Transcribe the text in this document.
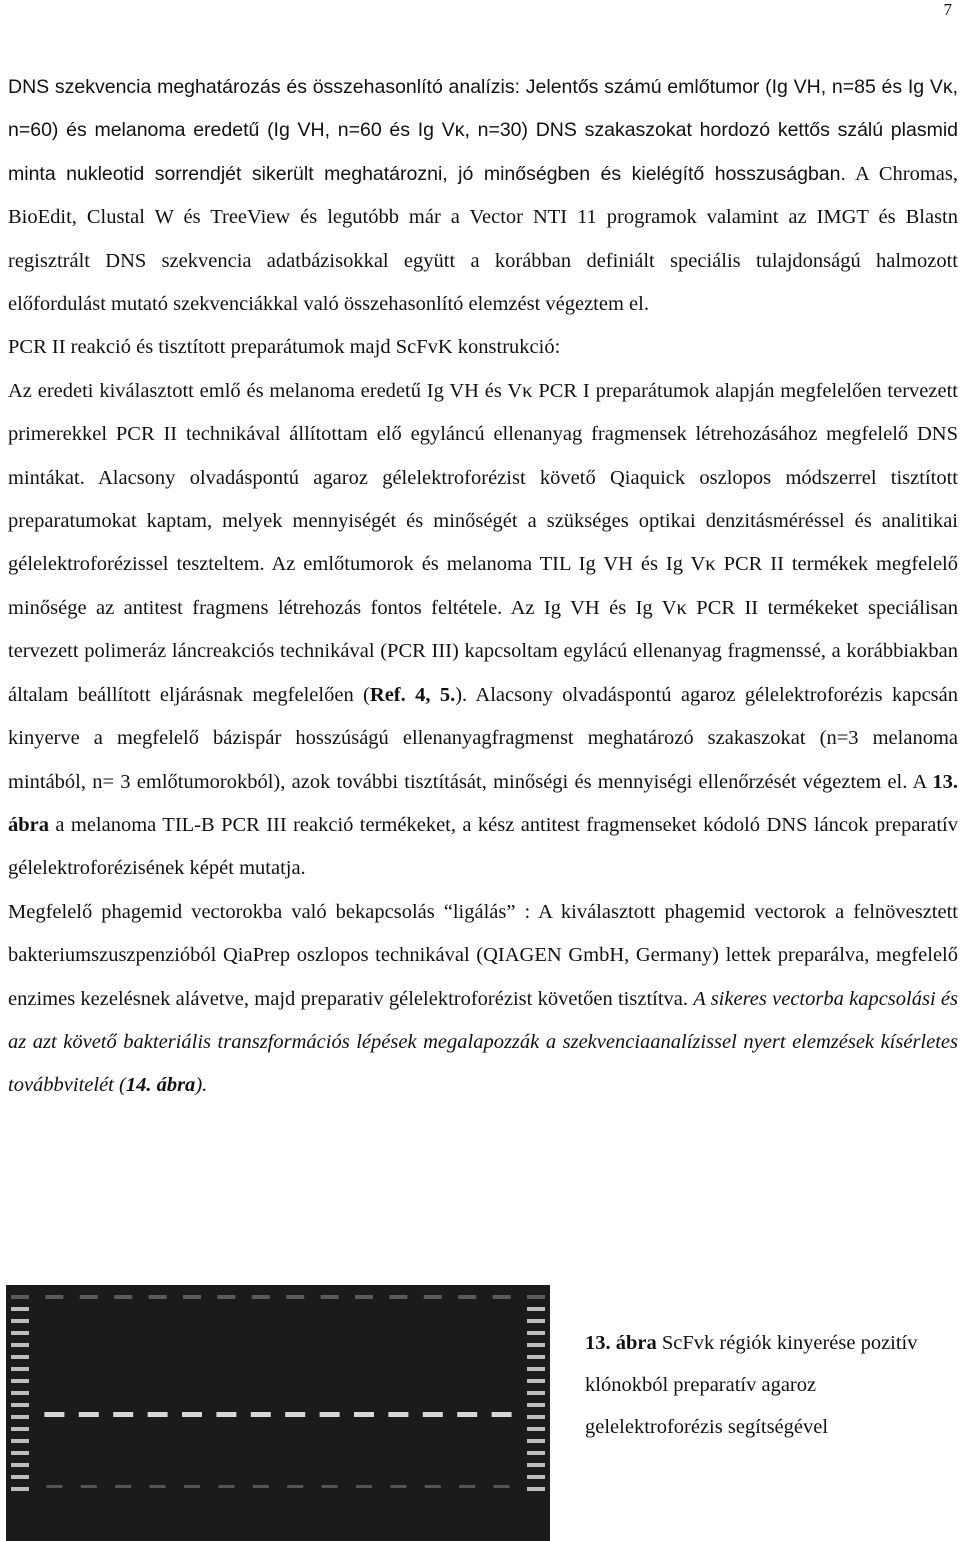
7

DNS szekvencia meghatározás és összehasonlító analízis: Jelentős számú emlőtumor (Ig VH, n=85 és Ig Vκ, n=60) és melanoma eredetű (Ig VH, n=60 és Ig Vκ, n=30) DNS szakaszokat hordozó kettős szálú plasmid minta nukleotid sorrendjét sikerült meghatározni, jó minőségben és kielégítő hosszuságban. A Chromas, BioEdit, Clustal W és TreeView és legutóbb már a Vector NTI 11 programok valamint az IMGT és Blastn regisztrált DNS szekvencia adatbázisokkal együtt a korábban definiált speciális tulajdonságú halmozott előfordulást mutató szekvenciákkal való összehasonlító elemzést végeztem el.

PCR II reakció és tisztított preparátumok majd ScFvK konstrukció:
Az eredeti kiválasztott emlő és melanoma eredetű Ig VH és Vκ PCR I preparátumok alapján megfelelően tervezett primerekkel PCR II technikával állítottam elő egyláncú ellenanyag fragmensek létrehozásához megfelelő DNS mintákat. Alacsony olvadáspontú agaroz gélelektroforézist követő Qiaquick oszlopos módszerrel tisztított preparatumokat kaptam, melyek mennyiségét és minőségét a szükséges optikai denzitásméréssel és analitikai gélelektroforézissel teszteltem. Az emlőtumorok és melanoma TIL Ig VH és Ig Vκ PCR II termékek megfelelő minősége az antitest fragmens létrehozás fontos feltétele. Az Ig VH és Ig Vκ PCR II termékeket speciálisan tervezett polimeráz láncreakciós technikával (PCR III) kapcsoltam egylácú ellenanyag fragmenssé, a korábbiakban általam beállított eljárásnak megfelelően (Ref. 4, 5.). Alacsony olvadáspontú agaroz gélelektroforézis kapcsán kinyerve a megfelelő bázispár hosszúságú ellenanyagfragmenst meghatározó szakaszokat (n=3 melanoma mintából, n= 3 emlőtumorokból), azok további tisztítását, minőségi és mennyiségi ellenőrzését végeztem el. A 13. ábra a melanoma TIL-B PCR III reakció termékeket, a kész antitest fragmenseket kódoló DNS láncok preparatív gélelektroforézisének képét mutatja.

Megfelelő phagemid vectorokba való bekapcsolás “ligálás” : A kiválasztott phagemid vectorok a felnövesztett bakteriumszuszpenzióból QiaPrep oszlopos technikával (QIAGEN GmbH, Germany) lettek preparálva, megfelelő enzimes kezelésnek alávetve, majd preparativ gélelektroforézist követően tisztítva. A sikeres vectorba kapcsolási és az azt követő bakteriális transzformációs lépések megalapozzák a szekvenciaanalízissel nyert elemzések kísérletes továbbvitelét (14. ábra).

13. ábra ScFvk régiók kinyerése pozitív klónokból preparatív agaroz gelelektroforézis segítségével
